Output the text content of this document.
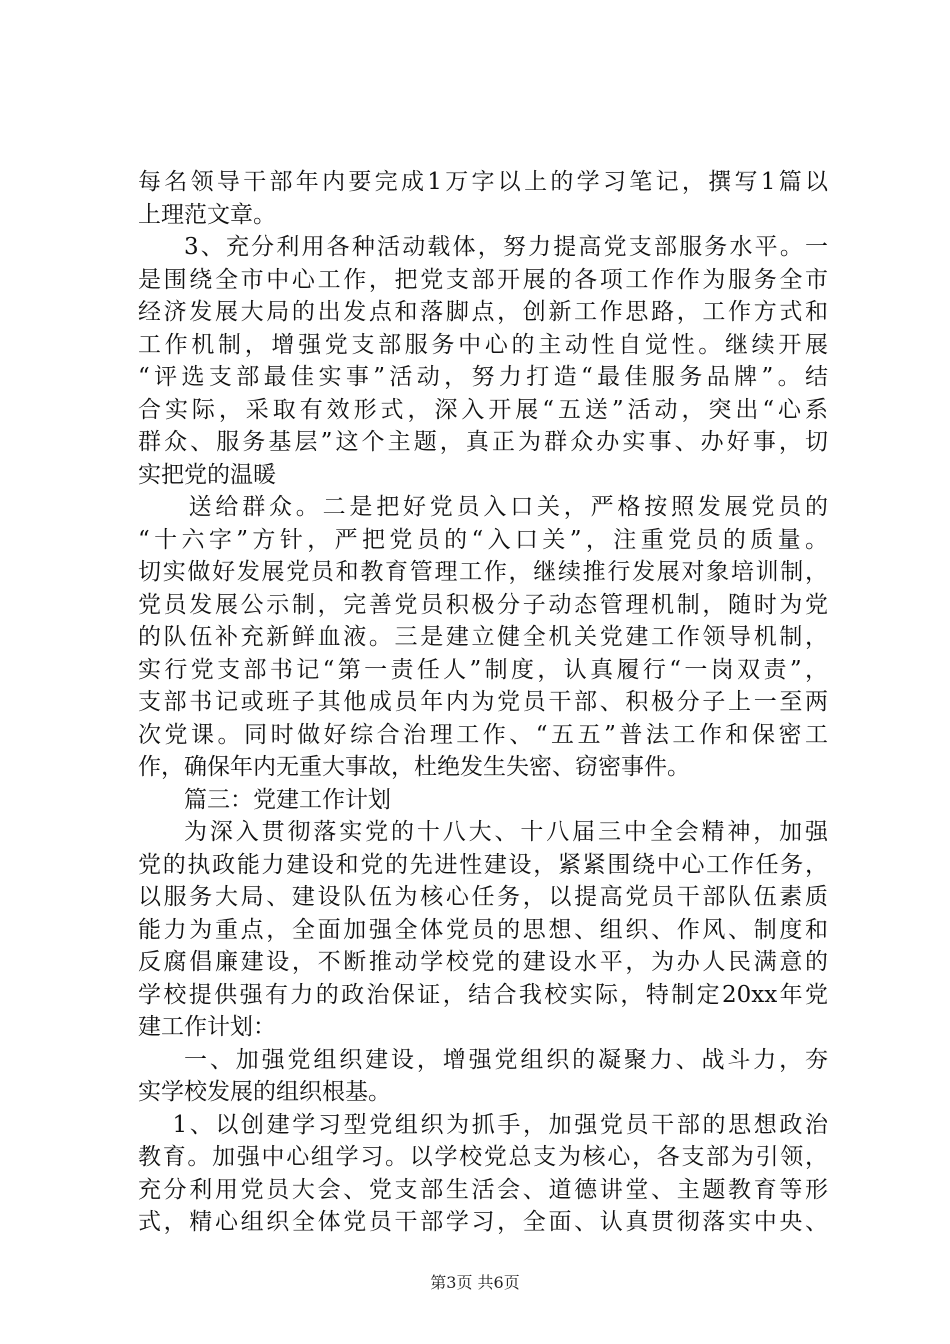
每名领导干部年内要完成1万字以上的学习笔记，撰写1篇以
上理范文章。
3、充分利用各种活动载体，努力提高党支部服务水平。一
是围绕全市中心工作，把党支部开展的各项工作作为服务全市
经济发展大局的出发点和落脚点，创新工作思路，工作方式和
工作机制，增强党支部服务中心的主动性自觉性。继续开展
“评选支部最佳实事”活动，努力打造“最佳服务品牌”。结
合实际，采取有效形式，深入开展“五送”活动，突出“心系
群众、服务基层”这个主题，真正为群众办实事、办好事，切
实把党的温暖
送给群众。二是把好党员入口关，严格按照发展党员的
“十六字”方针，严把党员的“入口关”，注重党员的质量。
切实做好发展党员和教育管理工作，继续推行发展对象培训制，
党员发展公示制，完善党员积极分子动态管理机制，随时为党
的队伍补充新鲜血液。三是建立健全机关党建工作领导机制，
实行党支部书记“第一责任人”制度，认真履行“一岗双责”，
支部书记或班子其他成员年内为党员干部、积极分子上一至两
次党课。同时做好综合治理工作、“五五”普法工作和保密工
作，确保年内无重大事故，杜绝发生失密、窃密事件。
篇三：党建工作计划
为深入贯彻落实党的十八大、十八届三中全会精神，加强
党的执政能力建设和党的先进性建设，紧紧围绕中心工作任务，
以服务大局、建设队伍为核心任务，以提高党员干部队伍素质
能力为重点，全面加强全体党员的思想、组织、作风、制度和
反腐倡廉建设，不断推动学校党的建设水平，为办人民满意的
学校提供强有力的政治保证，结合我校实际，特制定20xx年党
建工作计划：
一、加强党组织建设，增强党组织的凝聚力、战斗力，夯
实学校发展的组织根基。
1、以创建学习型党组织为抓手，加强党员干部的思想政治
教育。加强中心组学习。以学校党总支为核心，各支部为引领，
充分利用党员大会、党支部生活会、道德讲堂、主题教育等形
式，精心组织全体党员干部学习，全面、认真贯彻落实中央、
第3页 共6页
